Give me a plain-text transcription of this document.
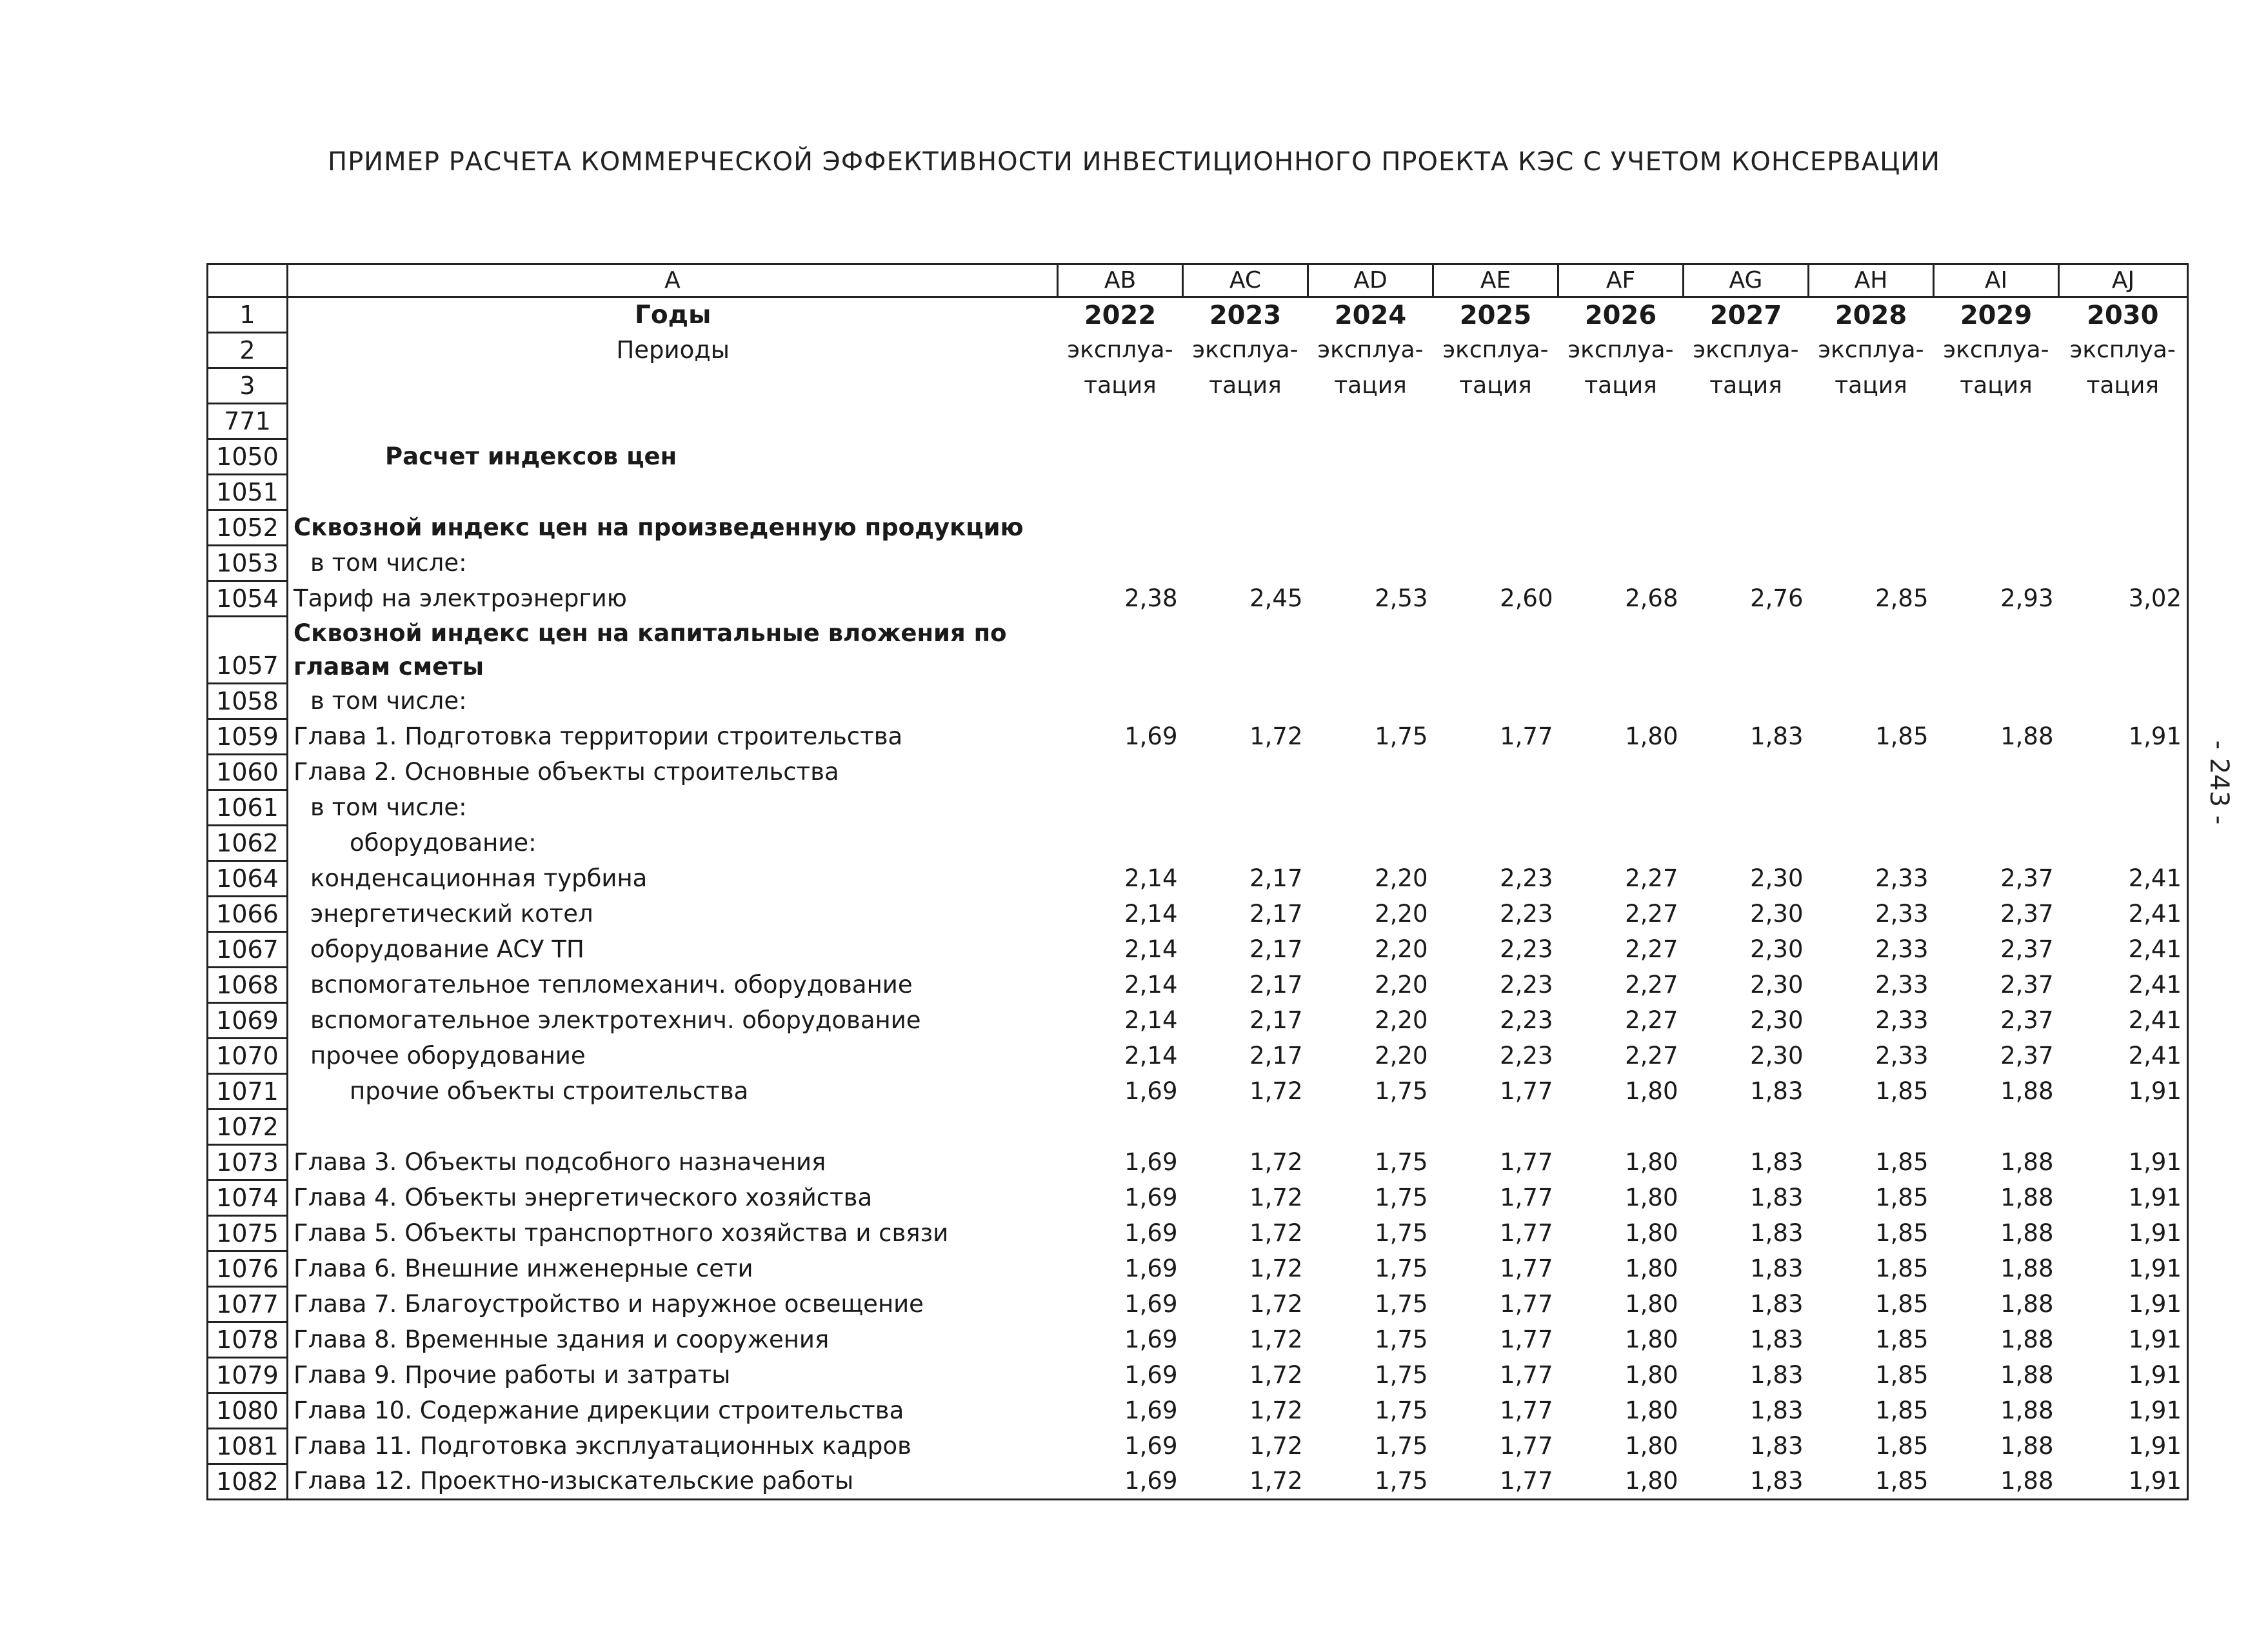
ПРИМЕР РАСЧЕТА КОММЕРЧЕСКОЙ ЭФФЕКТИВНОСТИ ИНВЕСТИЦИОННОГО ПРОЕКТА КЭС С УЧЕТОМ КОНСЕРВАЦИИ
- 243 -
	A	AB	AC	AD	AE	AF	AG	AH	AI	AJ
1	Годы	2022	2023	2024	2025	2026	2027	2028	2029	2030
2	Периоды	эксплуа-	эксплуа-	эксплуа-	эксплуа-	эксплуа-	эксплуа-	эксплуа-	эксплуа-	эксплуа-
3		тация	тация	тация	тация	тация	тация	тация	тация	тация
771										
1050	Расчет индексов цен									
1051										
1052	Сквозной индекс цен на произведенную продукцию									
1053	в том числе:									
1054	Тариф на электроэнергию	2,38	2,45	2,53	2,60	2,68	2,76	2,85	2,93	3,02
1057	Сквозной индекс цен на капитальные вложения по главам сметы									
1058	в том числе:									
1059	Глава 1. Подготовка территории строительства	1,69	1,72	1,75	1,77	1,80	1,83	1,85	1,88	1,91
1060	Глава 2. Основные объекты строительства									
1061	в том числе:									
1062	оборудование:									
1064	конденсационная турбина	2,14	2,17	2,20	2,23	2,27	2,30	2,33	2,37	2,41
1066	энергетический котел	2,14	2,17	2,20	2,23	2,27	2,30	2,33	2,37	2,41
1067	оборудование АСУ ТП	2,14	2,17	2,20	2,23	2,27	2,30	2,33	2,37	2,41
1068	вспомогательное тепломеханич. оборудование	2,14	2,17	2,20	2,23	2,27	2,30	2,33	2,37	2,41
1069	вспомогательное электротехнич. оборудование	2,14	2,17	2,20	2,23	2,27	2,30	2,33	2,37	2,41
1070	прочее оборудование	2,14	2,17	2,20	2,23	2,27	2,30	2,33	2,37	2,41
1071	прочие объекты строительства	1,69	1,72	1,75	1,77	1,80	1,83	1,85	1,88	1,91
1072										
1073	Глава 3. Объекты подсобного назначения	1,69	1,72	1,75	1,77	1,80	1,83	1,85	1,88	1,91
1074	Глава 4. Объекты энергетического хозяйства	1,69	1,72	1,75	1,77	1,80	1,83	1,85	1,88	1,91
1075	Глава 5. Объекты транспортного хозяйства и связи	1,69	1,72	1,75	1,77	1,80	1,83	1,85	1,88	1,91
1076	Глава 6. Внешние инженерные сети	1,69	1,72	1,75	1,77	1,80	1,83	1,85	1,88	1,91
1077	Глава 7. Благоустройство и наружное освещение	1,69	1,72	1,75	1,77	1,80	1,83	1,85	1,88	1,91
1078	Глава 8. Временные здания и сооружения	1,69	1,72	1,75	1,77	1,80	1,83	1,85	1,88	1,91
1079	Глава 9. Прочие работы и затраты	1,69	1,72	1,75	1,77	1,80	1,83	1,85	1,88	1,91
1080	Глава 10. Содержание дирекции строительства	1,69	1,72	1,75	1,77	1,80	1,83	1,85	1,88	1,91
1081	Глава 11. Подготовка эксплуатационных кадров	1,69	1,72	1,75	1,77	1,80	1,83	1,85	1,88	1,91
1082	Глава 12. Проектно-изыскательские работы	1,69	1,72	1,75	1,77	1,80	1,83	1,85	1,88	1,91
